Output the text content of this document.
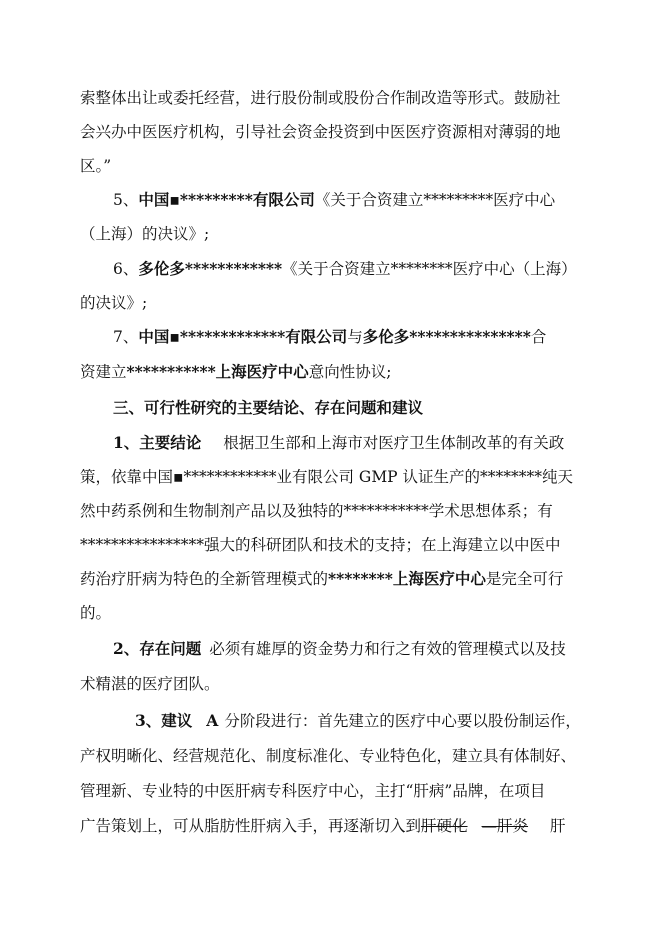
索整体出让或委托经营，进行股份制或股份合作制改造等形式。鼓励社
会兴办中医医疗机构，引导社会资金投资到中医医疗资源相对薄弱的地
区。”
5、中国▪*********有限公司《关于合资建立*********医疗中心
（上海）的决议》;
6、多伦多************《关于合资建立********医疗中心（上海）
的决议》;
7、中国▪*************有限公司与多伦多***************合
资建立***********上海医疗中心意向性协议;
三、可行性研究的主要结论、存在问题和建议
1、主要结论 根据卫生部和上海市对医疗卫生体制改革的有关政
策，依靠中国▪************业有限公司 GMP 认证生产的********纯天
然中药系例和生物制剂产品以及独特的***********学术思想体系；有
****************强大的科研团队和技术的支持；在上海建立以中医中
药治疗肝病为特色的全新管理模式的********上海医疗中心是完全可行
的。
2、存在问题 必须有雄厚的资金势力和行之有效的管理模式以及技
术精湛的医疗团队。
3、建议 A 分阶段进行：首先建立的医疗中心要以股份制运作，
产权明晰化、经营规范化、制度标准化、专业特色化，建立具有体制好、
管理新、专业特的中医肝病专科医疗中心，主打“肝病”品牌，在项目
广告策划上，可从脂肪性肝病入手，再逐渐切入到肝硬化 —肝炎 肝
